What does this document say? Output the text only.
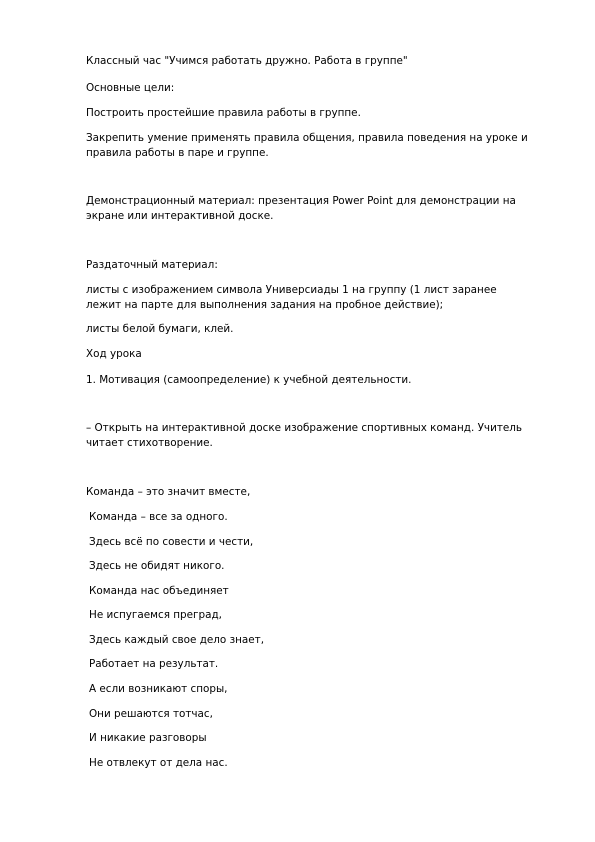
Классный час "Учимся работать дружно. Работа в группе"
Основные цели:
Построить простейшие правила работы в группе.
Закрепить умение применять правила общения, правила поведения на уроке и
правила работы в паре и группе.
Демонстрационный материал: презентация Power Point для демонстрации на
экране или интерактивной доске.
Раздаточный материал:
листы с изображением символа Универсиады 1 на группу (1 лист заранее
лежит на парте для выполнения задания на пробное действие);
листы белой бумаги, клей.
Ход урока
1. Мотивация (самоопределение) к учебной деятельности.
– Открыть на интерактивной доске изображение спортивных команд. Учитель
читает стихотворение.
Команда – это значит вместе,
Команда – все за одного.
Здесь всё по совести и чести,
Здесь не обидят никого.
Команда нас объединяет
Не испугаемся преград,
Здесь каждый свое дело знает,
Работает на результат.
А если возникают споры,
Они решаются тотчас,
И никакие разговоры
Не отвлекут от дела нас.
